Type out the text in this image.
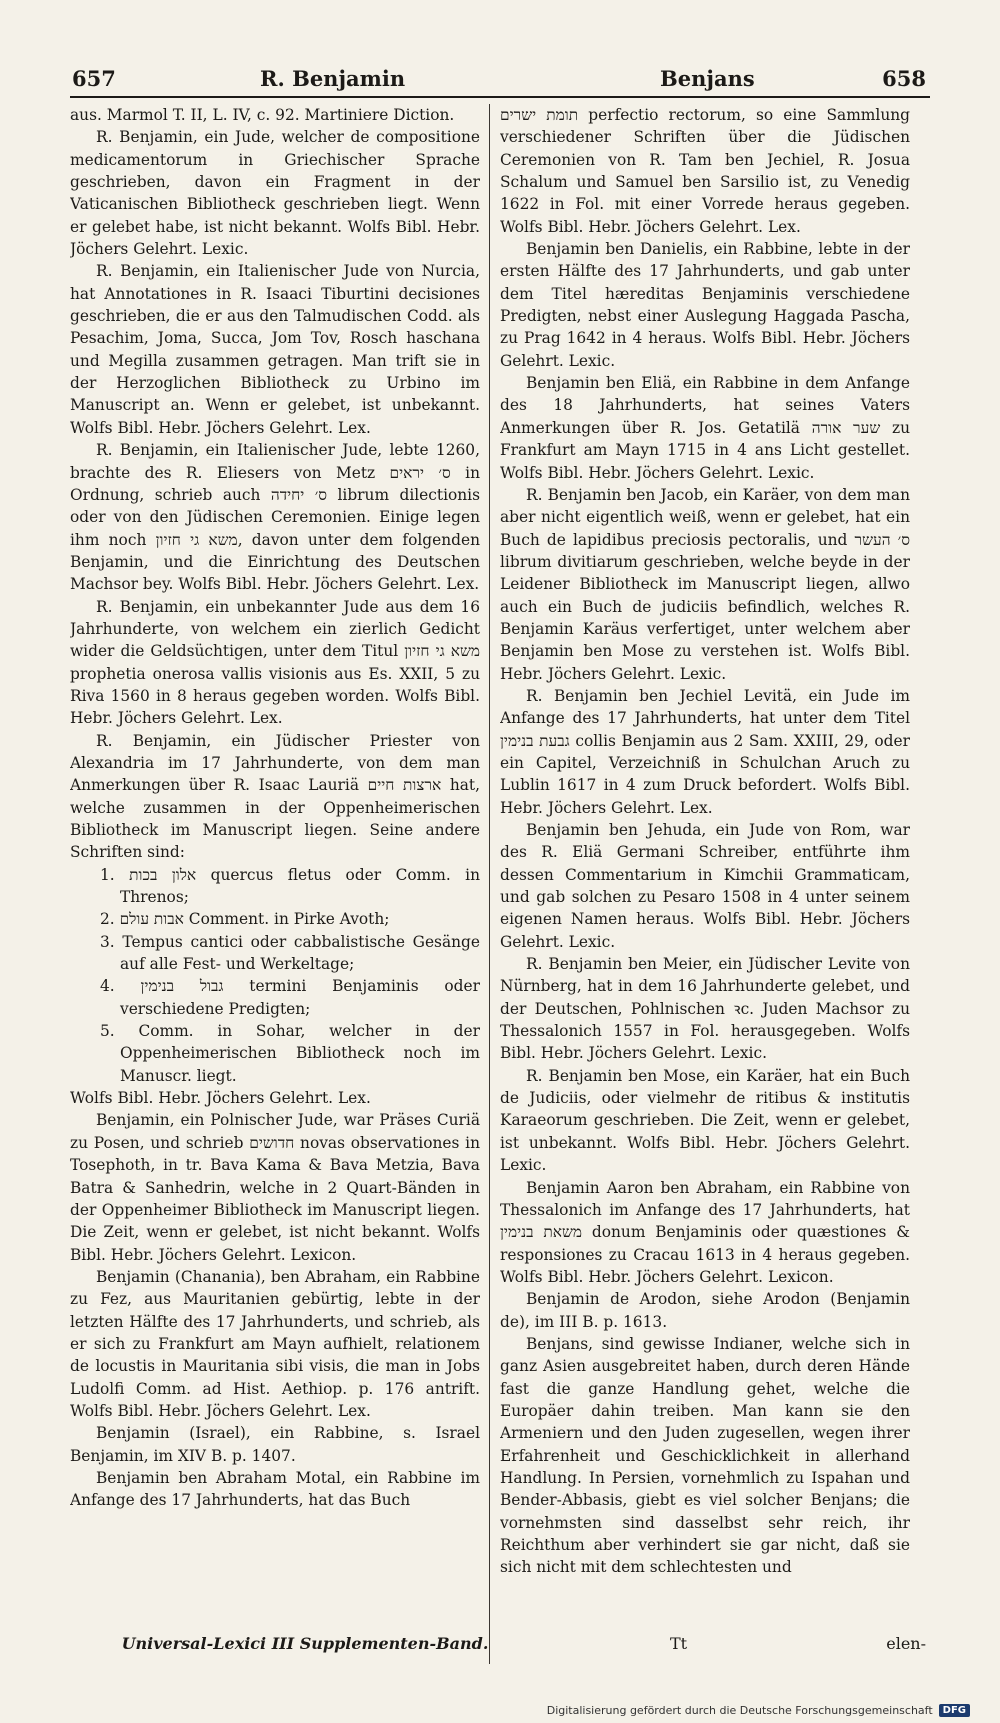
657	R. Benjamin	Benjans	658

aus. Marmol T. II, L. IV, c. 92. Martiniere Diction.

R. Benjamin, ein Jude, welcher de compositione medicamentorum in Griechischer Sprache geschrieben, davon ein Fragment in der Vaticanischen Bibliotheck geschrieben liegt. Wenn er gelebet habe, ist nicht bekannt. Wolfs Bibl. Hebr. Jöchers Gelehrt. Lexic.

R. Benjamin, ein Italienischer Jude von Nurcia, hat Annotationes in R. Isaaci Tiburtini decisiones geschrieben, die er aus den Talmudischen Codd. als Pesachim, Joma, Succa, Jom Tov, Rosch haschana und Megilla zusammen getragen. Man trift sie in der Herzoglichen Bibliotheck zu Urbino im Manuscript an. Wenn er gelebet, ist unbekannt. Wolfs Bibl. Hebr. Jöchers Gelehrt. Lex.

R. Benjamin, ein Italienischer Jude, lebte 1260, brachte des R. Eliesers von Metz ס׳ יראים in Ordnung, schrieb auch ס׳ יחידה librum dilectionis oder von den Jüdischen Ceremonien. Einige legen ihm noch משא גי חזיון, davon unter dem folgenden Benjamin, und die Einrichtung des Deutschen Machsor bey. Wolfs Bibl. Hebr. Jöchers Gelehrt. Lex.

R. Benjamin, ein unbekannter Jude aus dem 16 Jahrhunderte, von welchem ein zierlich Gedicht wider die Geldsüchtigen, unter dem Titul משא גי חזיון prophetia onerosa vallis visionis aus Es. XXII, 5 zu Riva 1560 in 8 heraus gegeben worden. Wolfs Bibl. Hebr. Jöchers Gelehrt. Lex.

R. Benjamin, ein Jüdischer Priester von Alexandria im 17 Jahrhunderte, von dem man Anmerkungen über R. Isaac Lauriä ארצות חיים hat, welche zusammen in der Oppenheimerischen Bibliotheck im Manuscript liegen. Seine andere Schriften sind:

1. אלון בכות quercus fletus oder Comm. in Threnos;
2. אבות עולם Comment. in Pirke Avoth;
3. Tempus cantici oder cabbalistische Gesänge auf alle Fest- und Werkeltage;
4. גבול בנימין termini Benjaminis oder verschiedene Predigten;
5. Comm. in Sohar, welcher in der Oppenheimerischen Bibliotheck noch im Manuscr. liegt.

Wolfs Bibl. Hebr. Jöchers Gelehrt. Lex.

Benjamin, ein Polnischer Jude, war Präses Curiä zu Posen, und schrieb חדושים novas observationes in Tosephoth, in tr. Bava Kama & Bava Metzia, Bava Batra & Sanhedrin, welche in 2 Quart-Bänden in der Oppenheimer Bibliotheck im Manuscript liegen. Die Zeit, wenn er gelebet, ist nicht bekannt. Wolfs Bibl. Hebr. Jöchers Gelehrt. Lexicon.

Benjamin (Chanania), ben Abraham, ein Rabbine zu Fez, aus Mauritanien gebürtig, lebte in der letzten Hälfte des 17 Jahrhunderts, und schrieb, als er sich zu Frankfurt am Mayn aufhielt, relationem de locustis in Mauritania sibi visis, die man in Jobs Ludolfi Comm. ad Hist. Aethiop. p. 176 antrift. Wolfs Bibl. Hebr. Jöchers Gelehrt. Lex.

Benjamin (Israel), ein Rabbine, s. Israel Benjamin, im XIV B. p. 1407.

Benjamin ben Abraham Motal, ein Rabbine im Anfange des 17 Jahrhunderts, hat das Buch

תומת ישרים perfectio rectorum, so eine Sammlung verschiedener Schriften über die Jüdischen Ceremonien von R. Tam ben Jechiel, R. Josua Schalum und Samuel ben Sarsilio ist, zu Venedig 1622 in Fol. mit einer Vorrede heraus gegeben. Wolfs Bibl. Hebr. Jöchers Gelehrt. Lex.

Benjamin ben Danielis, ein Rabbine, lebte in der ersten Hälfte des 17 Jahrhunderts, und gab unter dem Titel hæreditas Benjaminis verschiedene Predigten, nebst einer Auslegung Haggada Pascha, zu Prag 1642 in 4 heraus. Wolfs Bibl. Hebr. Jöchers Gelehrt. Lexic.

Benjamin ben Eliä, ein Rabbine in dem Anfange des 18 Jahrhunderts, hat seines Vaters Anmerkungen über R. Jos. Getatilä שער אורה zu Frankfurt am Mayn 1715 in 4 ans Licht gestellet. Wolfs Bibl. Hebr. Jöchers Gelehrt. Lexic.

R. Benjamin ben Jacob, ein Karäer, von dem man aber nicht eigentlich weiß, wenn er gelebet, hat ein Buch de lapidibus preciosis pectoralis, und ס׳ העשר librum divitiarum geschrieben, welche beyde in der Leidener Bibliotheck im Manuscript liegen, allwo auch ein Buch de judiciis befindlich, welches R. Benjamin Karäus verfertiget, unter welchem aber Benjamin ben Mose zu verstehen ist. Wolfs Bibl. Hebr. Jöchers Gelehrt. Lexic.

R. Benjamin ben Jechiel Levitä, ein Jude im Anfange des 17 Jahrhunderts, hat unter dem Titel גבעת בנימין collis Benjamin aus 2 Sam. XXIII, 29, oder ein Capitel, Verzeichniß in Schulchan Aruch zu Lublin 1617 in 4 zum Druck befordert. Wolfs Bibl. Hebr. Jöchers Gelehrt. Lex.

Benjamin ben Jehuda, ein Jude von Rom, war des R. Eliä Germani Schreiber, entführte ihm dessen Commentarium in Kimchii Grammaticam, und gab solchen zu Pesaro 1508 in 4 unter seinem eigenen Namen heraus. Wolfs Bibl. Hebr. Jöchers Gelehrt. Lexic.

R. Benjamin ben Meier, ein Jüdischer Levite von Nürnberg, hat in dem 16 Jahrhunderte gelebet, und der Deutschen, Pohlnischen ꝛc. Juden Machsor zu Thessalonich 1557 in Fol. herausgegeben. Wolfs Bibl. Hebr. Jöchers Gelehrt. Lexic.

R. Benjamin ben Mose, ein Karäer, hat ein Buch de Judiciis, oder vielmehr de ritibus & institutis Karaeorum geschrieben. Die Zeit, wenn er gelebet, ist unbekannt. Wolfs Bibl. Hebr. Jöchers Gelehrt. Lexic.

Benjamin Aaron ben Abraham, ein Rabbine von Thessalonich im Anfange des 17 Jahrhunderts, hat משאת בנימין donum Benjaminis oder quæstiones & responsiones zu Cracau 1613 in 4 heraus gegeben. Wolfs Bibl. Hebr. Jöchers Gelehrt. Lexicon.

Benjamin de Arodon, siehe Arodon (Benjamin de), im III B. p. 1613.

Benjans, sind gewisse Indianer, welche sich in ganz Asien ausgebreitet haben, durch deren Hände fast die ganze Handlung gehet, welche die Europäer dahin treiben. Man kann sie den Armeniern und den Juden zugesellen, wegen ihrer Erfahrenheit und Geschicklichkeit in allerhand Handlung. In Persien, vornehmlich zu Ispahan und Bender-Abbasis, giebt es viel solcher Benjans; die vornehmsten sind dasselbst sehr reich, ihr Reichthum aber verhindert sie gar nicht, daß sie sich nicht mit dem schlechtesten und

Universal-Lexici III Supplementen-Band.	Tt	elen-
Digitalisierung gefördert durch die Deutsche Forschungsgemeinschaft	DFG
